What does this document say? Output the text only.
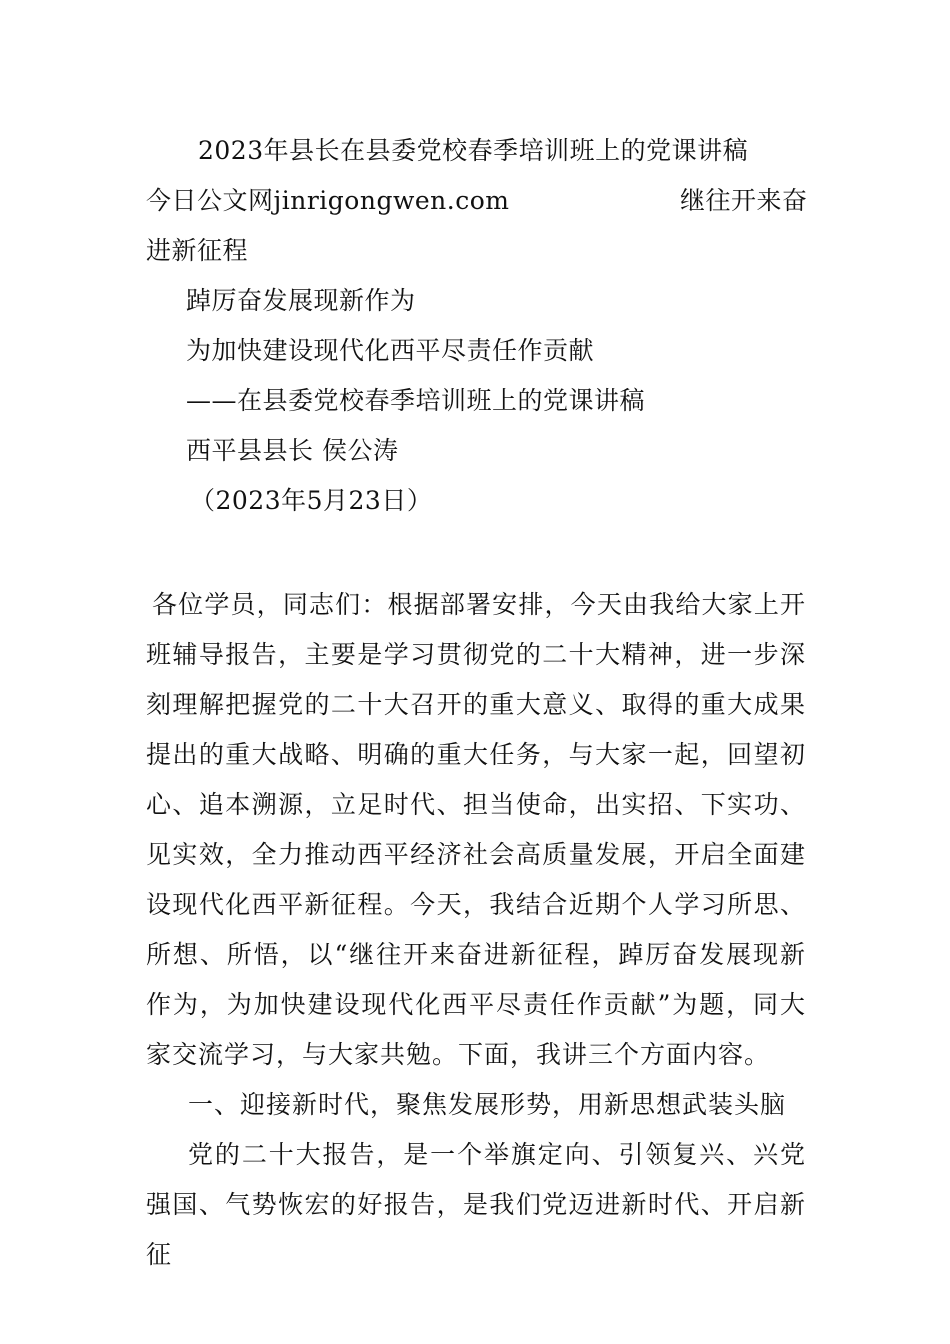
2023年县长在县委党校春季培训班上的党课讲稿
今日公文网jinrigongwen.com	继往开来奋
进新征程
踔厉奋发展现新作为
为加快建设现代化西平尽责任作贡献
——在县委党校春季培训班上的党课讲稿
西平县县长 侯公涛
（2023年5月23日）

各位学员，同志们：根据部署安排，今天由我给大家上开班辅导报告，主要是学习贯彻党的二十大精神，进一步深刻理解把握党的二十大召开的重大意义、取得的重大成果提出的重大战略、明确的重大任务，与大家一起，回望初心、追本溯源，立足时代、担当使命，出实招、下实功、见实效，全力推动西平经济社会高质量发展，开启全面建设现代化西平新征程。今天，我结合近期个人学习所思、所想、所悟，以“继往开来奋进新征程，踔厉奋发展现新作为，为加快建设现代化西平尽责任作贡献”为题，同大家交流学习，与大家共勉。下面，我讲三个方面内容。

一、迎接新时代，聚焦发展形势，用新思想武装头脑

党的二十大报告，是一个举旗定向、引领复兴、兴党强国、气势恢宏的好报告，是我们党迈进新时代、开启新征
